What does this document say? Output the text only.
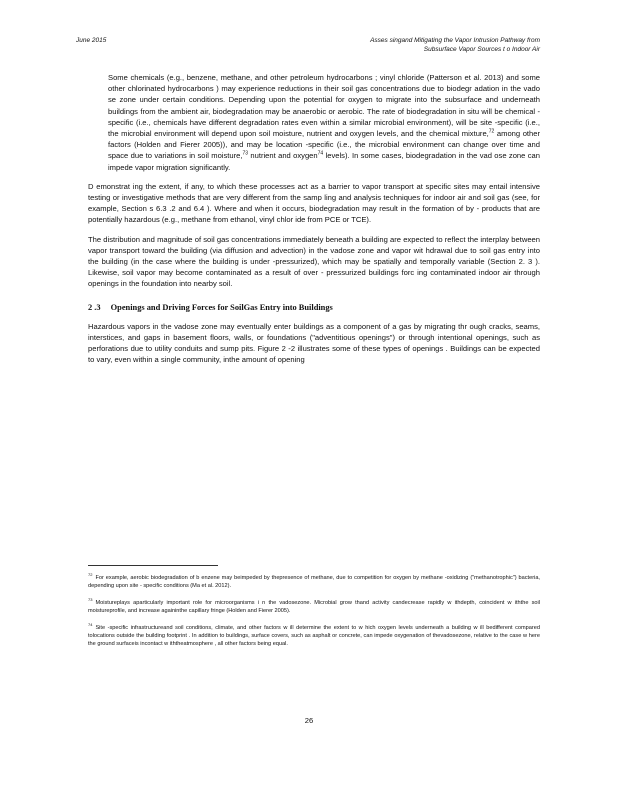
June 2015	Asses singand Mitigating the Vapor Intrusion Pathway from
Subsurface Vapor Sources t o Indoor Air
Some chemicals (e.g., benzene, methane, and other petroleum hydrocarbons ; vinyl chloride (Patterson et al. 2013) and some other chlorinated hydrocarbons ) may experience reductions in their soil gas concentrations due to biodegr adation in the vado se zone under certain conditions. Depending upon the potential for oxygen to migrate into the subsurface and underneath buildings from the ambient air, biodegradation may be anaerobic or aerobic. The rate of biodegradation in situ will be chemical -specific (i.e., chemicals have different degradation rates even within a similar microbial environment), will be site -specific (i.e., the microbial environment will depend upon soil moisture, nutrient and oxygen levels, and the chemical mixture,$^{72}$ among other factors (Holden and Fierer 2005)), and may be location -specific (i.e., the microbial environment can change over time and space due to variations in soil moisture,$^{73}$ nutrient and oxygen$^{74}$ levels). In some cases, biodegradation in the vad ose zone can impede vapor migration significantly.

D emonstrat ing the extent, if any, to which these processes act as a barrier to vapor transport at specific sites may entail intensive testing or investigative methods that are very different from the samp ling and analysis techniques for indoor air and soil gas (see, for example, Section s 6.3 .2 and 6.4 ). Where and when it occurs, biodegradation may result in the formation of by - products that are potentially hazardous (e.g., methane from ethanol, vinyl chlor ide from PCE or TCE).

The distribution and magnitude of soil gas concentrations immediately beneath a building are expected to reflect the interplay between vapor transport toward the building (via diffusion and advection) in the vadose zone and vapor wit hdrawal due to soil gas entry into the building (in the case where the building is under -pressurized), which may be spatially and temporally variable (Section 2. 3 ). Likewise, soil vapor may become contaminated as a result of over - pressurized buildings forc ing contaminated indoor air through openings in the foundation into nearby soil.

2 .3 Openings and Driving Forces for SoilGas Entry into Buildings

Hazardous vapors in the vadose zone may eventually enter buildings as a component of a gas by migrating thr ough cracks, seams, interstices, and gaps in basement floors, walls, or foundations ("adventitious openings") or through intentional openings, such as perforations due to utility conduits and sump pits. Figure 2 -2 illustrates some of these types of openings . Buildings can be expected to vary, even within a single community, inthe amount of opening

$^{72}$For example, aerobic biodegradation of b enzene may beimpeded by thepresence of methane, due to competition for oxygen by methane -oxidizing ("methanotrophic") bacteria, depending upon site - specific conditions (Ma et al. 2012).
$^{73}$Moistureplays aparticularly important role for microorganisms i n the vadosezone. Microbial grow thand activity candecrease rapidly w ithdepth, coincident w iththe soil moistureprofile, and increase againinthe capillary fringe (Holden and Fierer 2005).
$^{74}$Site -specific infrastructureand soil conditions, climate, and other factors w ill determine the extent to w hich oxygen levels underneath a building w ill bedifferent compared tolocations outside the building footprint . In addition to buildings, surface covers, such as asphalt or concrete, can impede oxygenation of thevadosezone, relative to the case w here the ground surfaceis incontact w iththeatmosphere , all other factors being equal.
26
